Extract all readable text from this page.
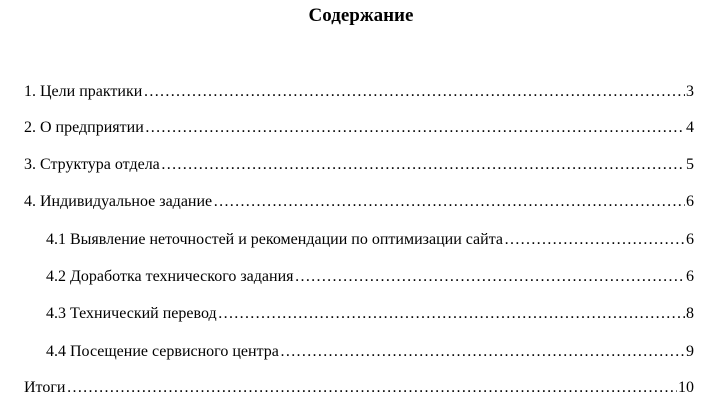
Содержание
1. Цели практики …………………………………………………………………………………………………………………………………………………………………………………………………………………………………………	3
2. О предприятии …………………………………………………………………………………………………………………………………………………………………………………………………………………………………………	4
3. Структура отдела …………………………………………………………………………………………………………………………………………………………………………………………………………………………………………	5
4. Индивидуальное задание …………………………………………………………………………………………………………………………………………………………………………………………………………………………………………	6
4.1 Выявление неточностей и рекомендации по оптимизации сайта …………………………………………………………………………………………………………………………………………………………………………………………………………………………………………	6
4.2 Доработка технического задания …………………………………………………………………………………………………………………………………………………………………………………………………………………………………………	6
4.3 Технический перевод …………………………………………………………………………………………………………………………………………………………………………………………………………………………………………	8
4.4 Посещение сервисного центра …………………………………………………………………………………………………………………………………………………………………………………………………………………………………………	9
Итоги …………………………………………………………………………………………………………………………………………………………………………………………………………………………………………	10
